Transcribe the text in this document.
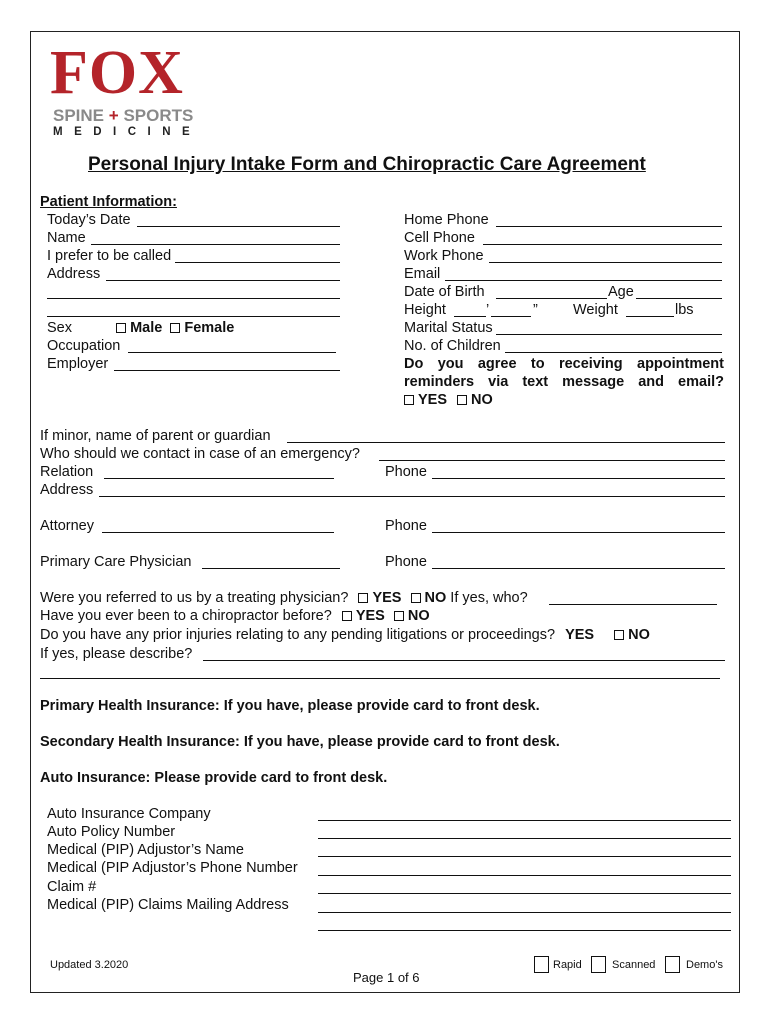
FOX
SPINE + SPORTS
MEDICINE
Personal Injury Intake Form and Chiropractic Care Agreement
Patient Information:
Today’s Date
Name
I prefer to be called
Address
Sex	Male Female
Occupation
Employer
Home Phone
Cell Phone
Work Phone
Email
Date of Birth	Age
Height	’	” Weight	lbs
Marital Status
No. of Children
Do you agree to receiving appointment
reminders via text message and email?
YES NO
If minor, name of parent or guardian
Who should we contact in case of an emergency?
Relation	Phone
Address
Attorney	Phone
Primary Care Physician	Phone
Were you referred to us by a treating physician? YES NO If yes, who?
Have you ever been to a chiropractor before? YES NO
Do you have any prior injuries relating to any pending litigations or proceedings? YES NO
If yes, please describe?
Primary Health Insurance: If you have, please provide card to front desk.
Secondary Health Insurance: If you have, please provide card to front desk.
Auto Insurance: Please provide card to front desk.
Auto Insurance Company
Auto Policy Number
Medical (PIP) Adjustor’s Name
Medical (PIP Adjustor’s Phone Number
Claim #
Medical (PIP) Claims Mailing Address
Updated 3.2020
Page 1 of 6
Rapid	Scanned	Demo's
